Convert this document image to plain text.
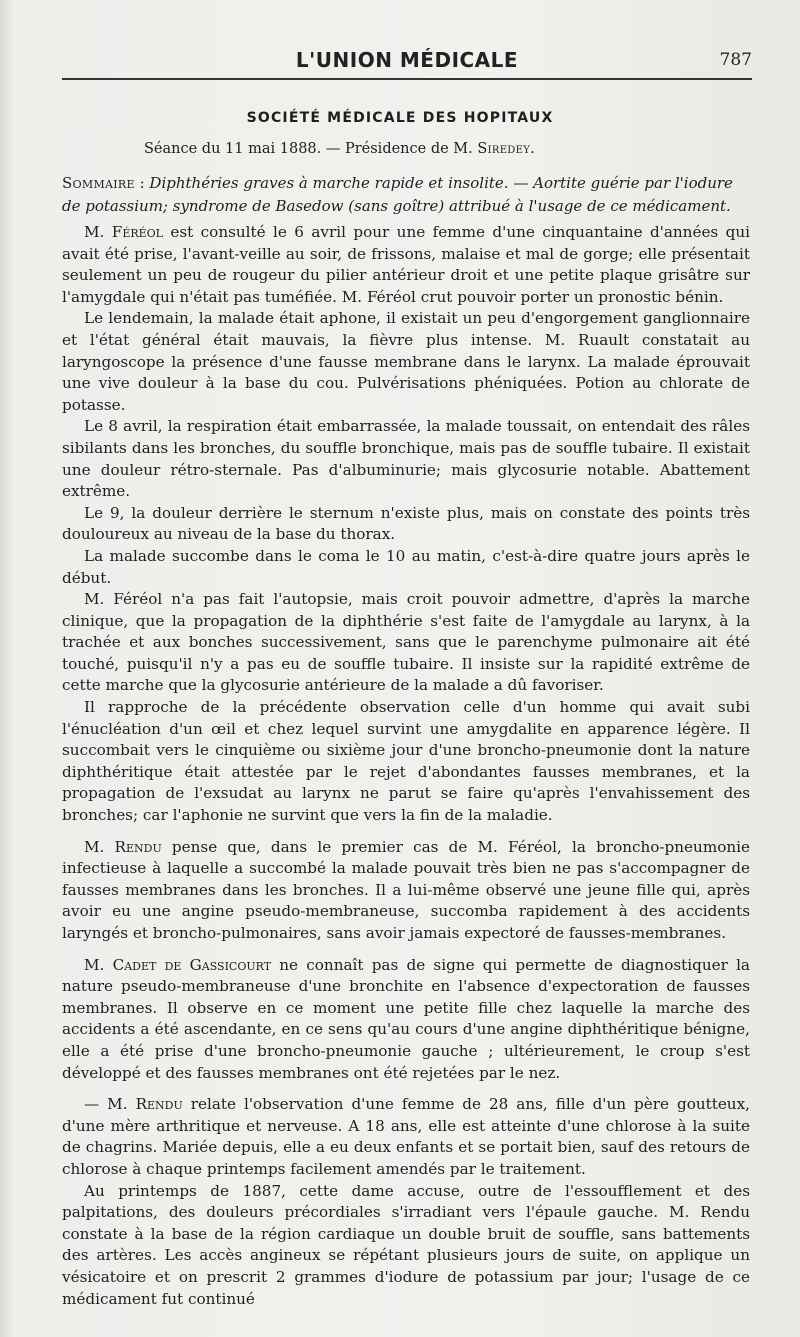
L'UNION MÉDICALE	787
SOCIÉTÉ MÉDICALE DES HOPITAUX
Séance du 11 mai 1888. — Présidence de M. Siredey.
Sommaire : Diphthéries graves à marche rapide et insolite. — Aortite guérie par l'iodure de potassium; syndrome de Basedow (sans goître) attribué à l'usage de ce médicament.

M. Féréol est consulté le 6 avril pour une femme d'une cinquantaine d'années qui avait été prise, l'avant-veille au soir, de frissons, malaise et mal de gorge; elle présentait seulement un peu de rougeur du pilier antérieur droit et une petite plaque grisâtre sur l'amygdale qui n'était pas tuméfiée. M. Féréol crut pouvoir porter un pronostic bénin.

Le lendemain, la malade était aphone, il existait un peu d'engorgement ganglionnaire et l'état général était mauvais, la fièvre plus intense. M. Ruault constatait au laryngoscope la présence d'une fausse membrane dans le larynx. La malade éprouvait une vive douleur à la base du cou. Pulvérisations phéniquées. Potion au chlorate de potasse.

Le 8 avril, la respiration était embarrassée, la malade toussait, on entendait des râles sibilants dans les bronches, du souffle bronchique, mais pas de souffle tubaire. Il existait une douleur rétro-sternale. Pas d'albuminurie; mais glycosurie notable. Abattement extrême.

Le 9, la douleur derrière le sternum n'existe plus, mais on constate des points très douloureux au niveau de la base du thorax.

La malade succombe dans le coma le 10 au matin, c'est-à-dire quatre jours après le début.

M. Féréol n'a pas fait l'autopsie, mais croit pouvoir admettre, d'après la marche clinique, que la propagation de la diphthérie s'est faite de l'amygdale au larynx, à la trachée et aux bonches successivement, sans que le parenchyme pulmonaire ait été touché, puisqu'il n'y a pas eu de souffle tubaire. Il insiste sur la rapidité extrême de cette marche que la glycosurie antérieure de la malade a dû favoriser.

Il rapproche de la précédente observation celle d'un homme qui avait subi l'énucléation d'un œil et chez lequel survint une amygdalite en apparence légère. Il succombait vers le cinquième ou sixième jour d'une broncho-pneumonie dont la nature diphthéritique était attestée par le rejet d'abondantes fausses membranes, et la propagation de l'exsudat au larynx ne parut se faire qu'après l'envahissement des bronches; car l'aphonie ne survint que vers la fin de la maladie.

M. Rendu pense que, dans le premier cas de M. Féréol, la broncho-pneumonie infectieuse à laquelle a succombé la malade pouvait très bien ne pas s'accompagner de fausses membranes dans les bronches. Il a lui-même observé une jeune fille qui, après avoir eu une angine pseudo-membraneuse, succomba rapidement à des accidents laryngés et broncho-pulmonaires, sans avoir jamais expectoré de fausses-membranes.

M. Cadet de Gassicourt ne connaît pas de signe qui permette de diagnostiquer la nature pseudo-membraneuse d'une bronchite en l'absence d'expectoration de fausses membranes. Il observe en ce moment une petite fille chez laquelle la marche des accidents a été ascendante, en ce sens qu'au cours d'une angine diphthéritique bénigne, elle a été prise d'une broncho-pneumonie gauche ; ultérieurement, le croup s'est développé et des fausses membranes ont été rejetées par le nez.

— M. Rendu relate l'observation d'une femme de 28 ans, fille d'un père goutteux, d'une mère arthritique et nerveuse. A 18 ans, elle est atteinte d'une chlorose à la suite de chagrins. Mariée depuis, elle a eu deux enfants et se portait bien, sauf des retours de chlorose à chaque printemps facilement amendés par le traitement.

Au printemps de 1887, cette dame accuse, outre de l'essoufflement et des palpitations, des douleurs précordiales s'irradiant vers l'épaule gauche. M. Rendu constate à la base de la région cardiaque un double bruit de souffle, sans battements des artères. Les accès angineux se répétant plusieurs jours de suite, on applique un vésicatoire et on prescrit 2 grammes d'iodure de potassium par jour; l'usage de ce médicament fut continué
